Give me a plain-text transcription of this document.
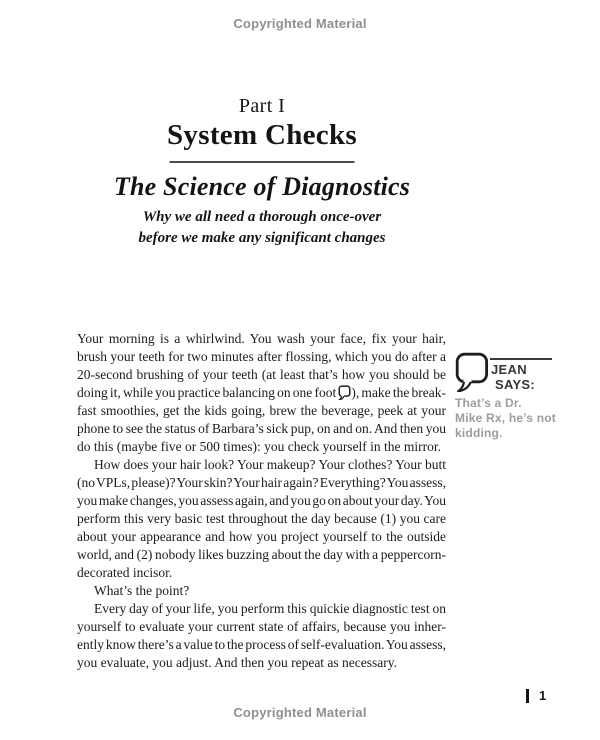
Copyrighted Material
Part I
System Checks
The Science of Diagnostics
Why we all need a thorough once-over
before we make any significant changes
Your morning is a whirlwind. You wash your face, fix your hair,
brush your teeth for two minutes after flossing, which you do after a
20-second brushing of your teeth (at least that’s how you should be
doing it, while you practice balancing on one foot ), make the break-
fast smoothies, get the kids going, brew the beverage, peek at your
phone to see the status of Barbara’s sick pup, on and on. And then you
do this (maybe five or 500 times): you check yourself in the mirror.
How does your hair look? Your makeup? Your clothes? Your butt
(no VPLs, please)? Your skin? Your hair again? Everything? You assess,
you make changes, you assess again, and you go on about your day. You
perform this very basic test throughout the day because (1) you care
about your appearance and how you project yourself to the outside
world, and (2) nobody likes buzzing about the day with a peppercorn-
decorated incisor.
What’s the point?
Every day of your life, you perform this quickie diagnostic test on
yourself to evaluate your current state of affairs, because you inher-
ently know there’s a value to the process of self-evaluation. You assess,
you evaluate, you adjust. And then you repeat as necessary.
JEAN
SAYS:
That’s a Dr.
Mike Rx, he’s not
kidding.
1
Copyrighted Material
